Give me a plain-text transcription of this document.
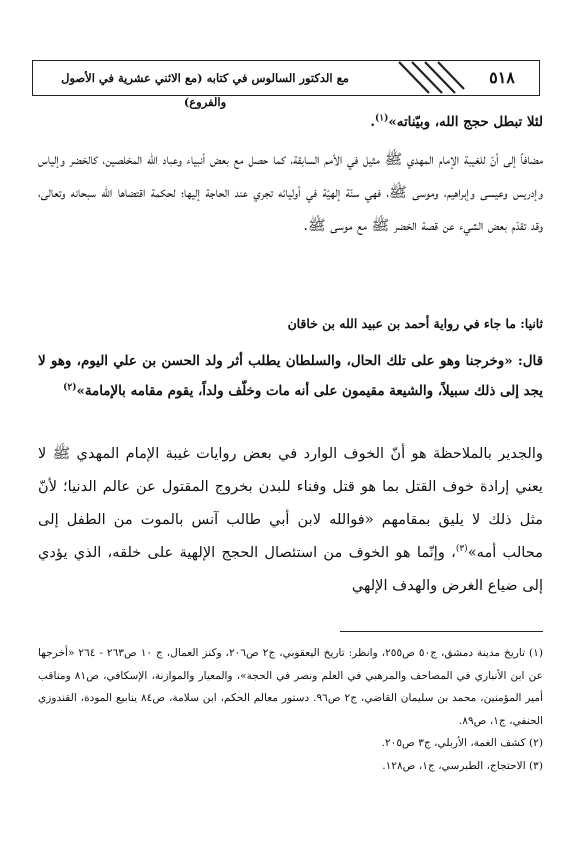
مع الدكتور السالوس في كتابه (مع الاثني عشرية في الأصول والفروع)
٥١٨
لئلا تبطل حجج الله، وبيّناته»$^{(١)}$.
مضافاً إلى أنّ للغيبة الإمام المهدي ﷺ مثيل في الأمم السابقة، كما حصل مع بعض أنبياء وعباد الله المخلصين، كالخضر وإلياس وإدريس وعيسى وإبراهيم، وموسى ﷺ، فهي سنّة إلهيّة في أوليائه تجري عند الحاجة إليها؛ لحكمة اقتضاها الله سبحانه وتعالى، وقد تقدّم بعض الشيء عن قصة الخضر ﷺ مع موسى ﷺ.
ثانيا: ما جاء في رواية أحمد بن عبيد الله بن خاقان
قال: «وخرجنا وهو على تلك الحال، والسلطان يطلب أثر ولد الحسن بن علي اليوم، وهو لا يجد إلى ذلك سبيلاً، والشيعة مقيمون على أنه مات وخلّف ولداً، يقوم مقامه بالإمامة»$^{(٢)}$
والجدير بالملاحظة هو أنّ الخوف الوارد في بعض روايات غيبة الإمام المهدي ﷺ لا يعني إرادة خوف القتل بما هو قتل وفناء للبدن بخروج المقتول عن عالم الدنيا؛ لأنّ مثل ذلك لا يليق بمقامهم «فوالله لابن أبي طالب آنس بالموت من الطفل إلى محالب أمه»$^{(٣)}$، وإنّما هو الخوف من استئصال الحجج الإلهية على خلقه، الذي يؤدي إلى ضياع الغرض والهدف الإلهي

(١) تاريخ مدينة دمشق، ج٥٠ ص٢٥٥، وانظر: تاريخ اليعقوبي، ج٢ ص٢٠٦، وكنز العمال، ج ١٠ ص٢٦٣ - ٢٦٤ «أخرجها عن ابن الأنباري في المصاحف والمرهبي في العلم ونصر في الحجة»، والمعيار والموازنة، الإسكافي، ص٨١ ومناقب أمير المؤمنين، محمد بن سليمان القاضي، ج٢ ص٩٦. دستور معالم الحكم، ابن سلامة، ص٨٤ ينابيع المودة، القندوزي الحنفي، ج١، ص٨٩.

(٢) كشف الغمة، الأربلي، ج٣ ص٢٠٥.

(٣) الاحتجاج، الطبرسي، ج١، ص١٢٨.
